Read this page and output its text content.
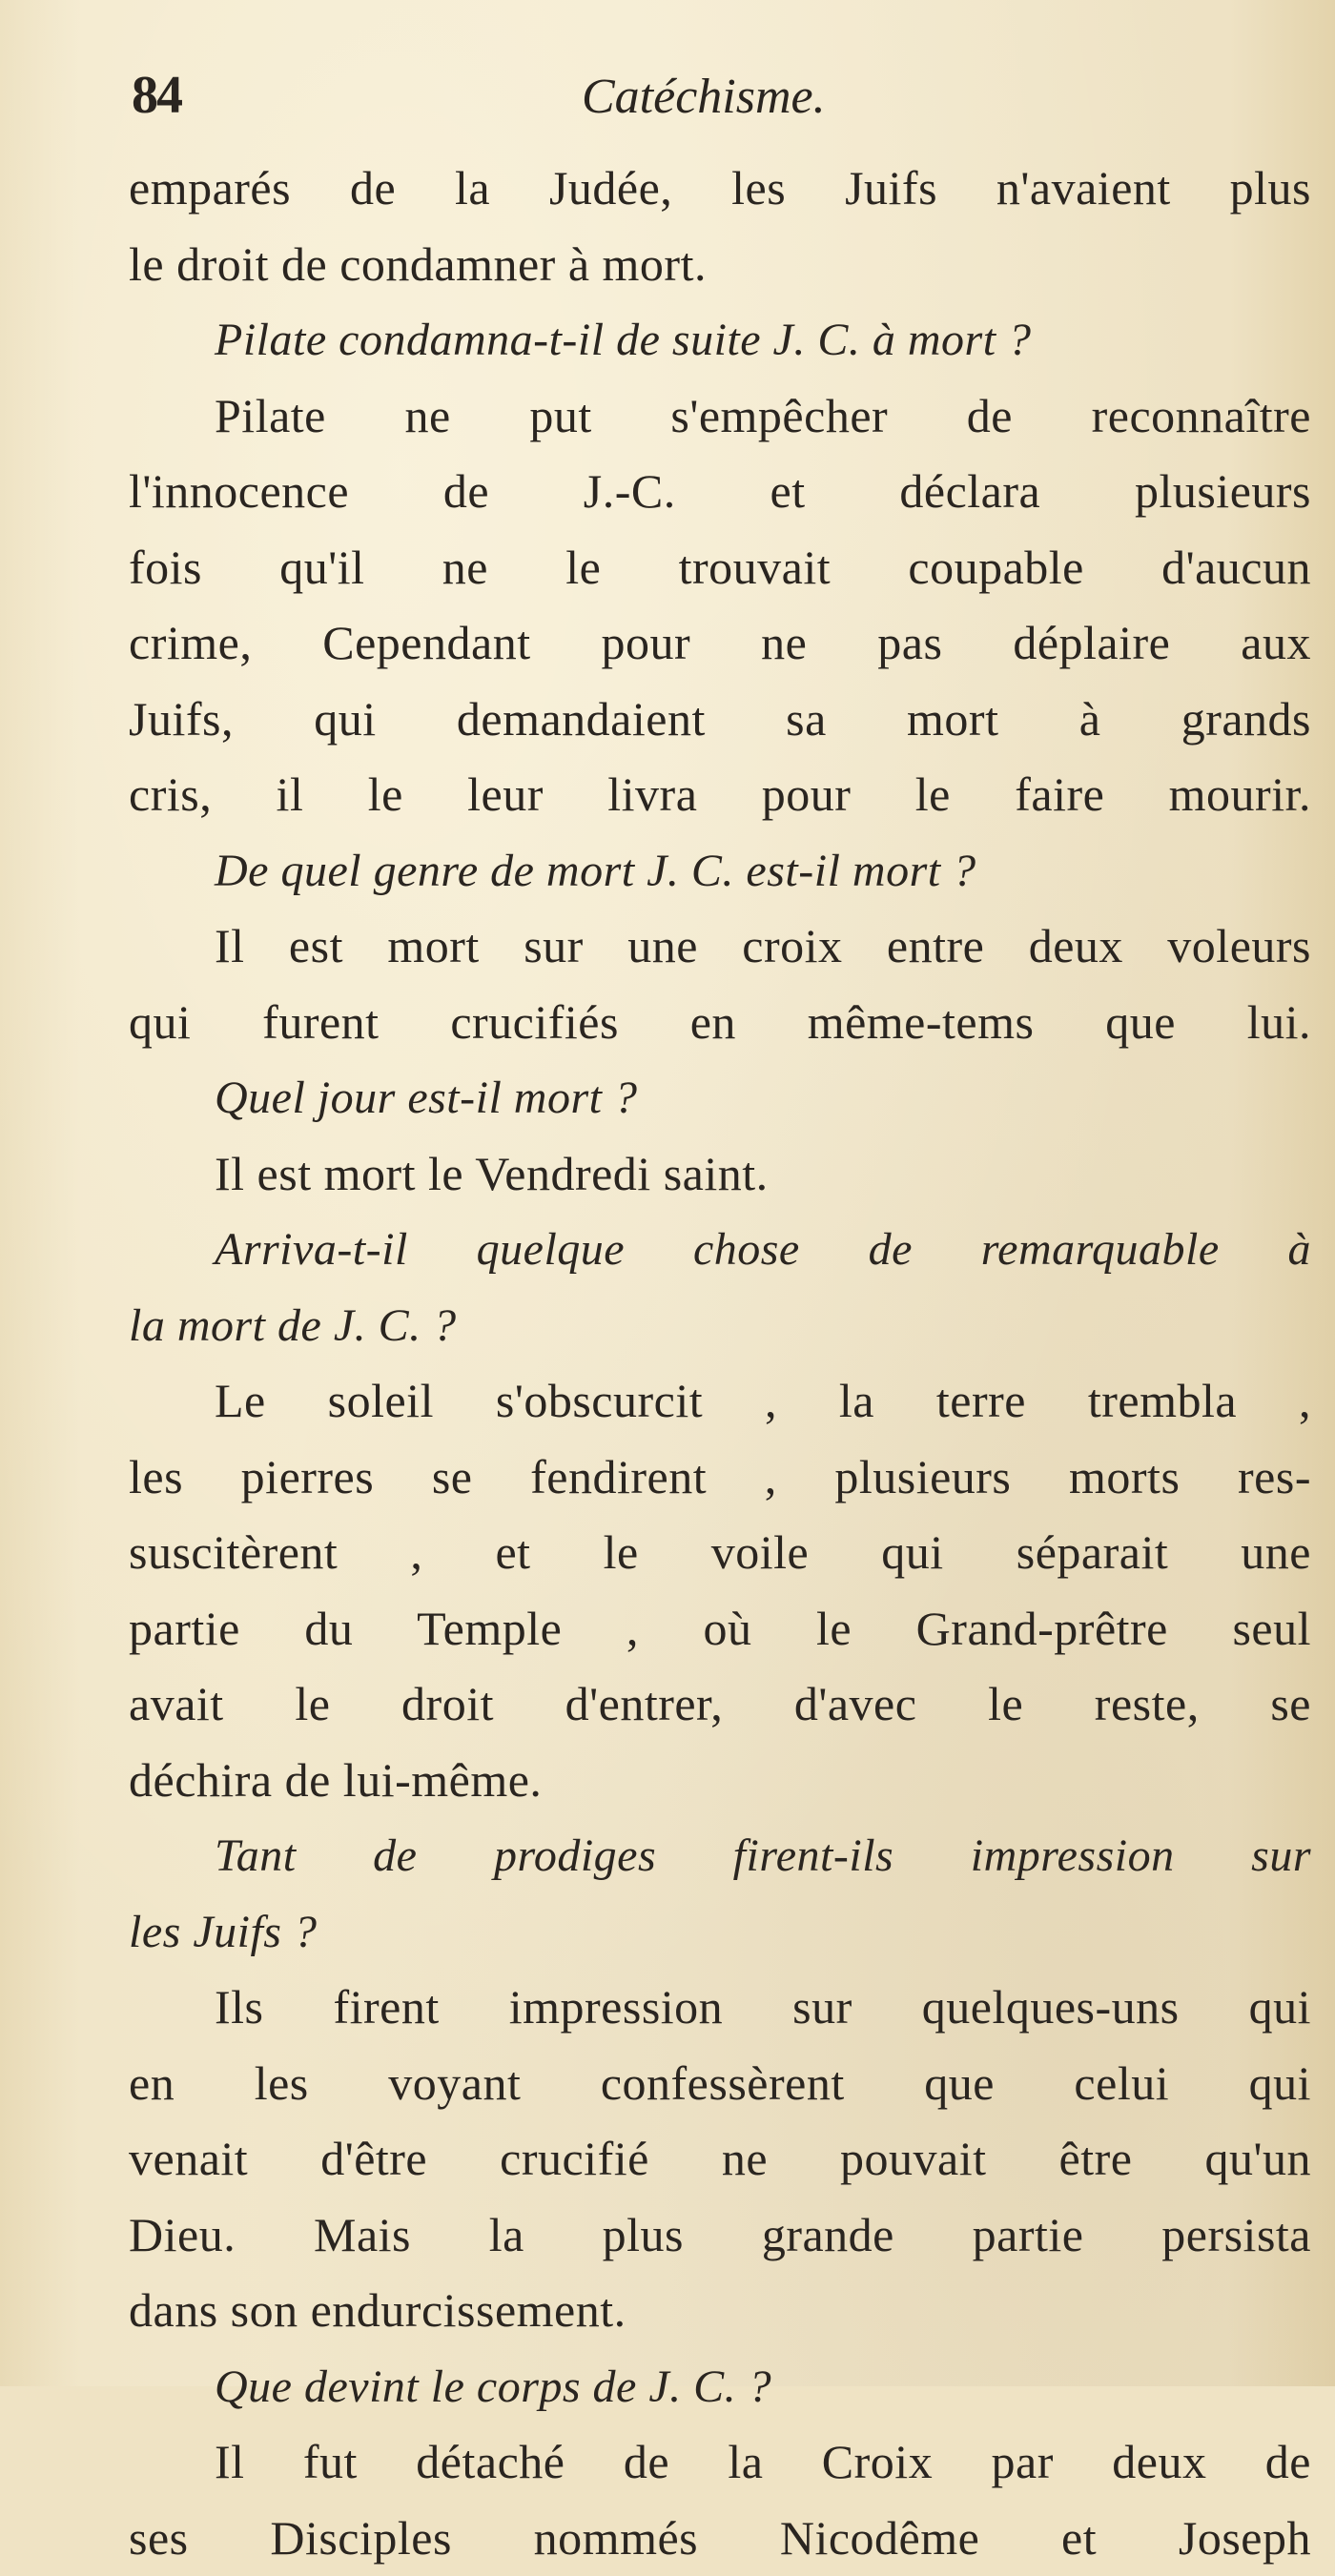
84	Catéchisme.
emparés de la Judée, les Juifs n'avaient plus
le droit de condamner à mort.
Pilate condamna-t-il de suite J. C. à mort ?
Pilate ne put s'empêcher de reconnaître
l'innocence de J.-C. et déclara plusieurs
fois qu'il ne le trouvait coupable d'aucun
crime, Cependant pour ne pas déplaire aux
Juifs, qui demandaient sa mort à grands
cris, il le leur livra pour le faire mourir.
De quel genre de mort J. C. est-il mort ?
Il est mort sur une croix entre deux voleurs
qui furent crucifiés en même-tems que lui.
Quel jour est-il mort ?
Il est mort le Vendredi saint.
Arriva-t-il quelque chose de remarquable à
la mort de J. C. ?
Le soleil s'obscurcit , la terre trembla ,
les pierres se fendirent , plusieurs morts res-
suscitèrent , et le voile qui séparait une
partie du Temple , où le Grand-prêtre seul
avait le droit d'entrer, d'avec le reste, se
déchira de lui-même.
Tant de prodiges firent-ils impression sur
les Juifs ?
Ils firent impression sur quelques-uns qui
en les voyant confessèrent que celui qui
venait d'être crucifié ne pouvait être qu'un
Dieu. Mais la plus grande partie persista
dans son endurcissement.
Que devint le corps de J. C. ?
Il fut détaché de la Croix par deux de
ses Disciples nommés Nicodême et Joseph
